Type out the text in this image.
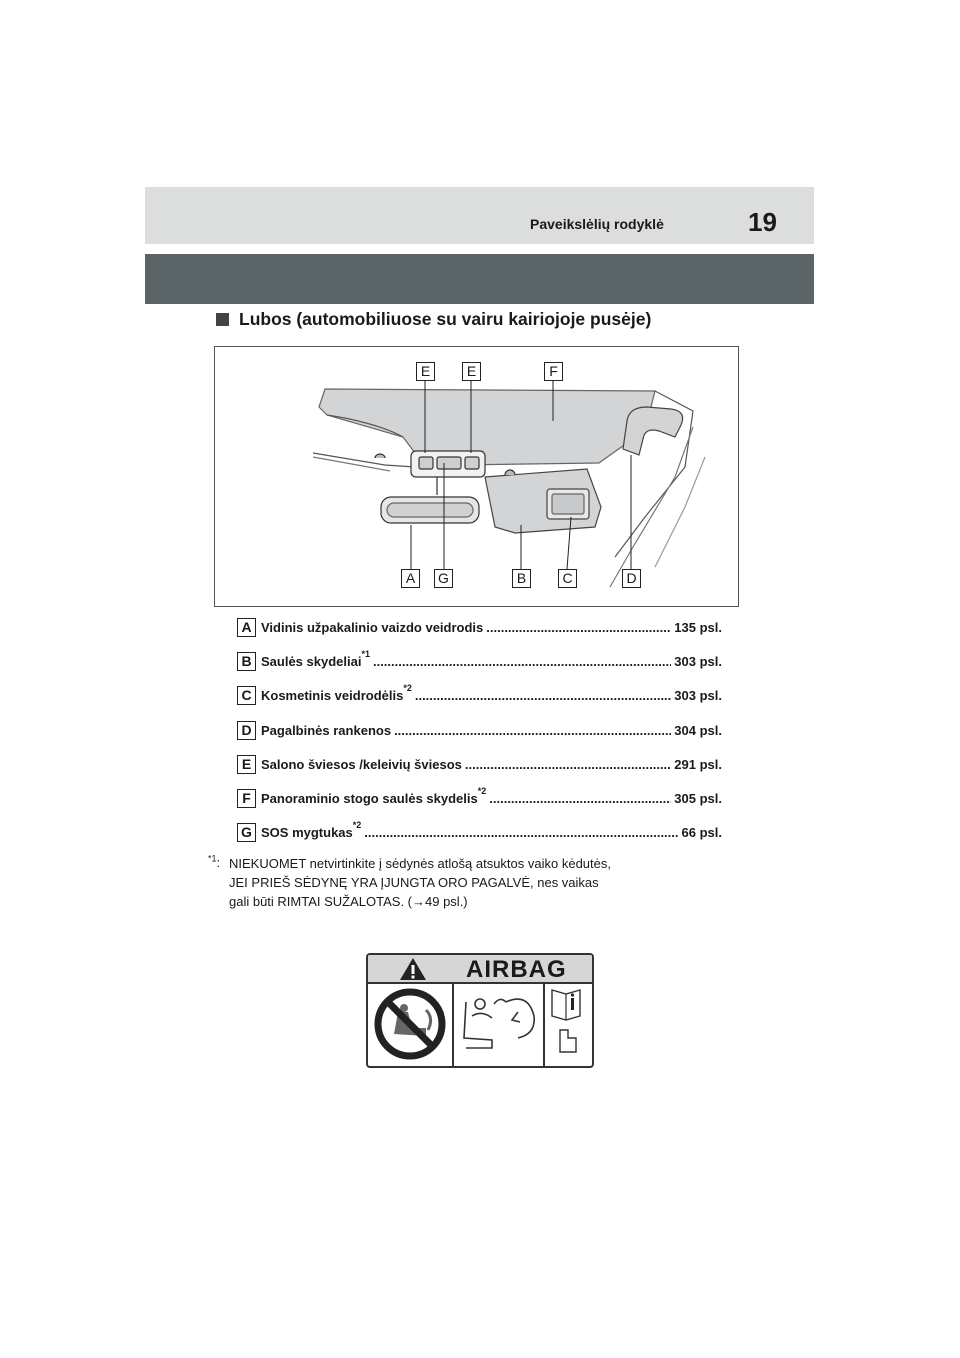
Paveikslėlių rodyklė	19
Lubos (automobiliuose su vairu kairiojoje pusėje)
E	E	F
A	G	B	C	D
A Vidinis užpakalinio vaizdo veidrodis .....	135 psl.
B Saulės skydeliai *1 .....	303 psl.
C Kosmetinis veidrodėlis *2 .....	303 psl.
D Pagalbinės rankenos .....	304 psl.
E Salono šviesos /keleivių šviesos .....	291 psl.
F Panoraminio stogo saulės skydelis *2 .....	305 psl.
G SOS mygtukas *2 .....	66 psl.
$^{*1}$: NIEKUOMET netvirtinkite į sėdynės atlošą atsuktos vaiko kėdutės,
JEI PRIEŠ SĖDYNĘ YRA ĮJUNGTA ORO PAGALVĖ, nes vaikas
gali būti RIMTAI SUŽALOTAS. (→49 psl.)
AIRBAG
